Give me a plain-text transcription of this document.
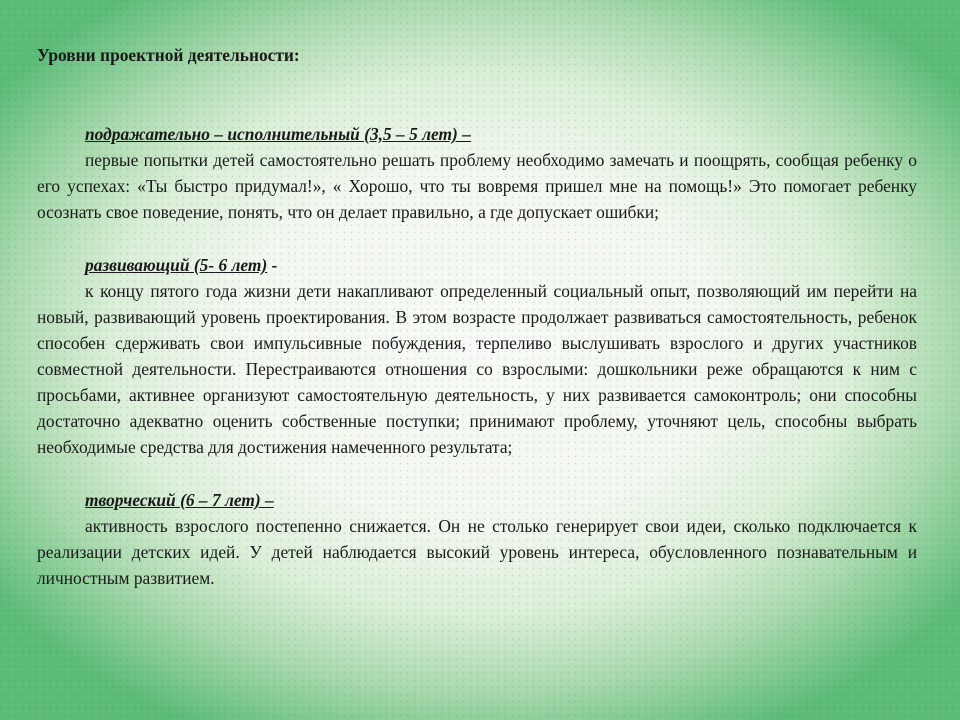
Уровни проектной деятельности:

подражательно – исполнительный (3,5 – 5 лет) –

первые попытки детей самостоятельно решать проблему необходимо замечать и поощрять, сообщая ребенку о его успехах: «Ты быстро придумал!», « Хорошо, что ты вовремя пришел мне на помощь!» Это помогает ребенку осознать свое поведение, понять, что он делает правильно, а где допускает ошибки;

развивающий (5- 6 лет) -

к концу пятого года жизни дети накапливают определенный социальный опыт, позволяющий им перейти на новый, развивающий уровень проектирования. В этом возрасте продолжает развиваться самостоятельность, ребенок способен сдерживать свои импульсивные побуждения, терпеливо выслушивать взрослого и других участников совместной деятельности. Перестраиваются отношения со взрослыми: дошкольники реже обращаются к ним с просьбами, активнее организуют самостоятельную деятельность, у них развивается самоконтроль; они способны достаточно адекватно оценить собственные поступки; принимают проблему, уточняют цель, способны выбрать необходимые средства для достижения намеченного результата;

творческий (6 – 7 лет) –

активность взрослого постепенно снижается. Он не столько генерирует свои идеи, сколько подключается к реализации детских идей. У детей наблюдается высокий уровень интереса, обусловленного познавательным и личностным развитием.
